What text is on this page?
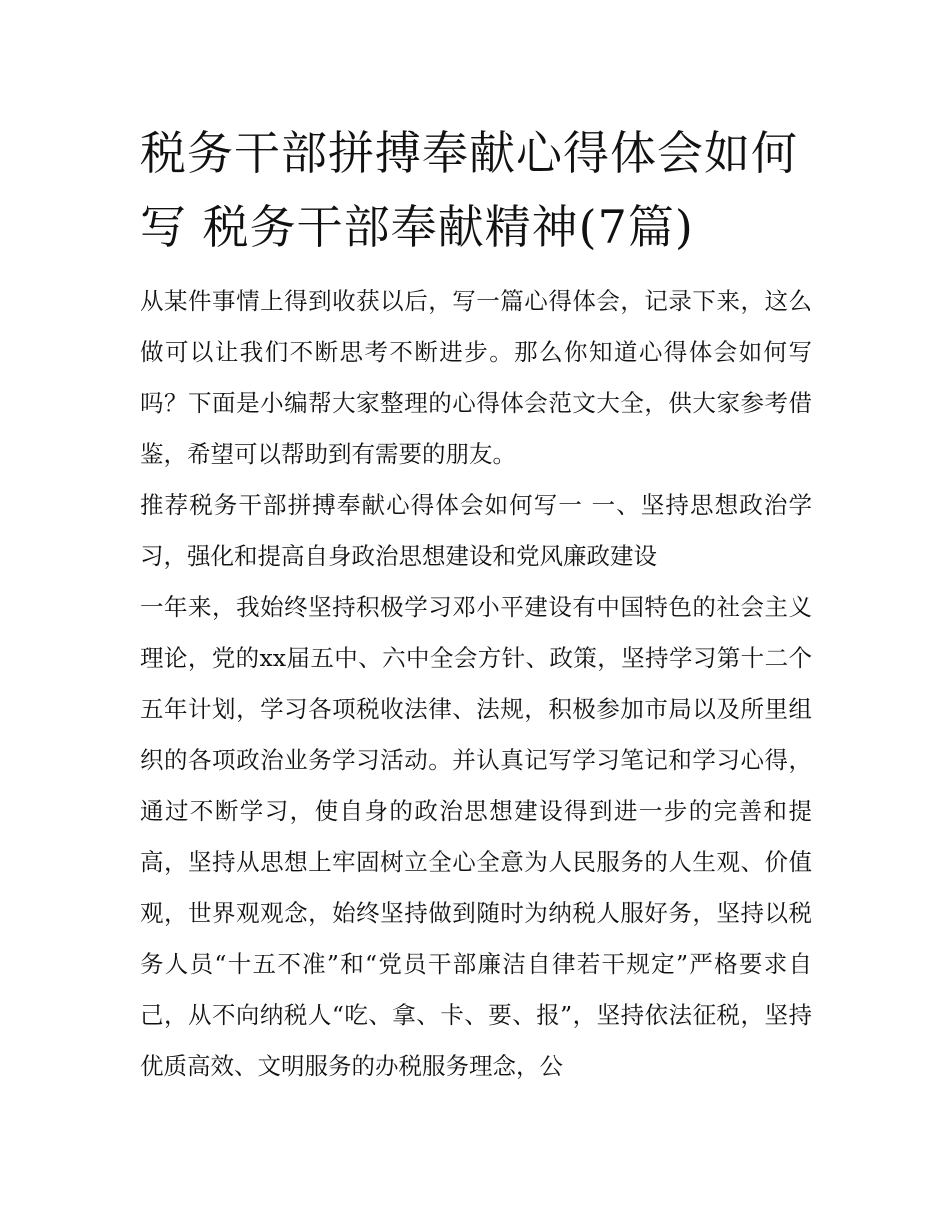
税务干部拼搏奉献心得体会如何写 税务干部奉献精神(7篇)

从某件事情上得到收获以后，写一篇心得体会，记录下来，这么做可以让我们不断思考不断进步。那么你知道心得体会如何写吗？下面是小编帮大家整理的心得体会范文大全，供大家参考借鉴，希望可以帮助到有需要的朋友。

推荐税务干部拼搏奉献心得体会如何写一 一、坚持思想政治学习，强化和提高自身政治思想建设和党风廉政建设

一年来，我始终坚持积极学习邓小平建设有中国特色的社会主义理论，党的xx届五中、六中全会方针、政策，坚持学习第十二个五年计划，学习各项税收法律、法规，积极参加市局以及所里组织的各项政治业务学习活动。并认真记写学习笔记和学习心得，通过不断学习，使自身的政治思想建设得到进一步的完善和提高，坚持从思想上牢固树立全心全意为人民服务的人生观、价值观，世界观观念，始终坚持做到随时为纳税人服好务，坚持以税务人员“十五不准”和“党员干部廉洁自律若干规定”严格要求自己，从不向纳税人“吃、拿、卡、要、报”，坚持依法征税，坚持优质高效、文明服务的办税服务理念，公
